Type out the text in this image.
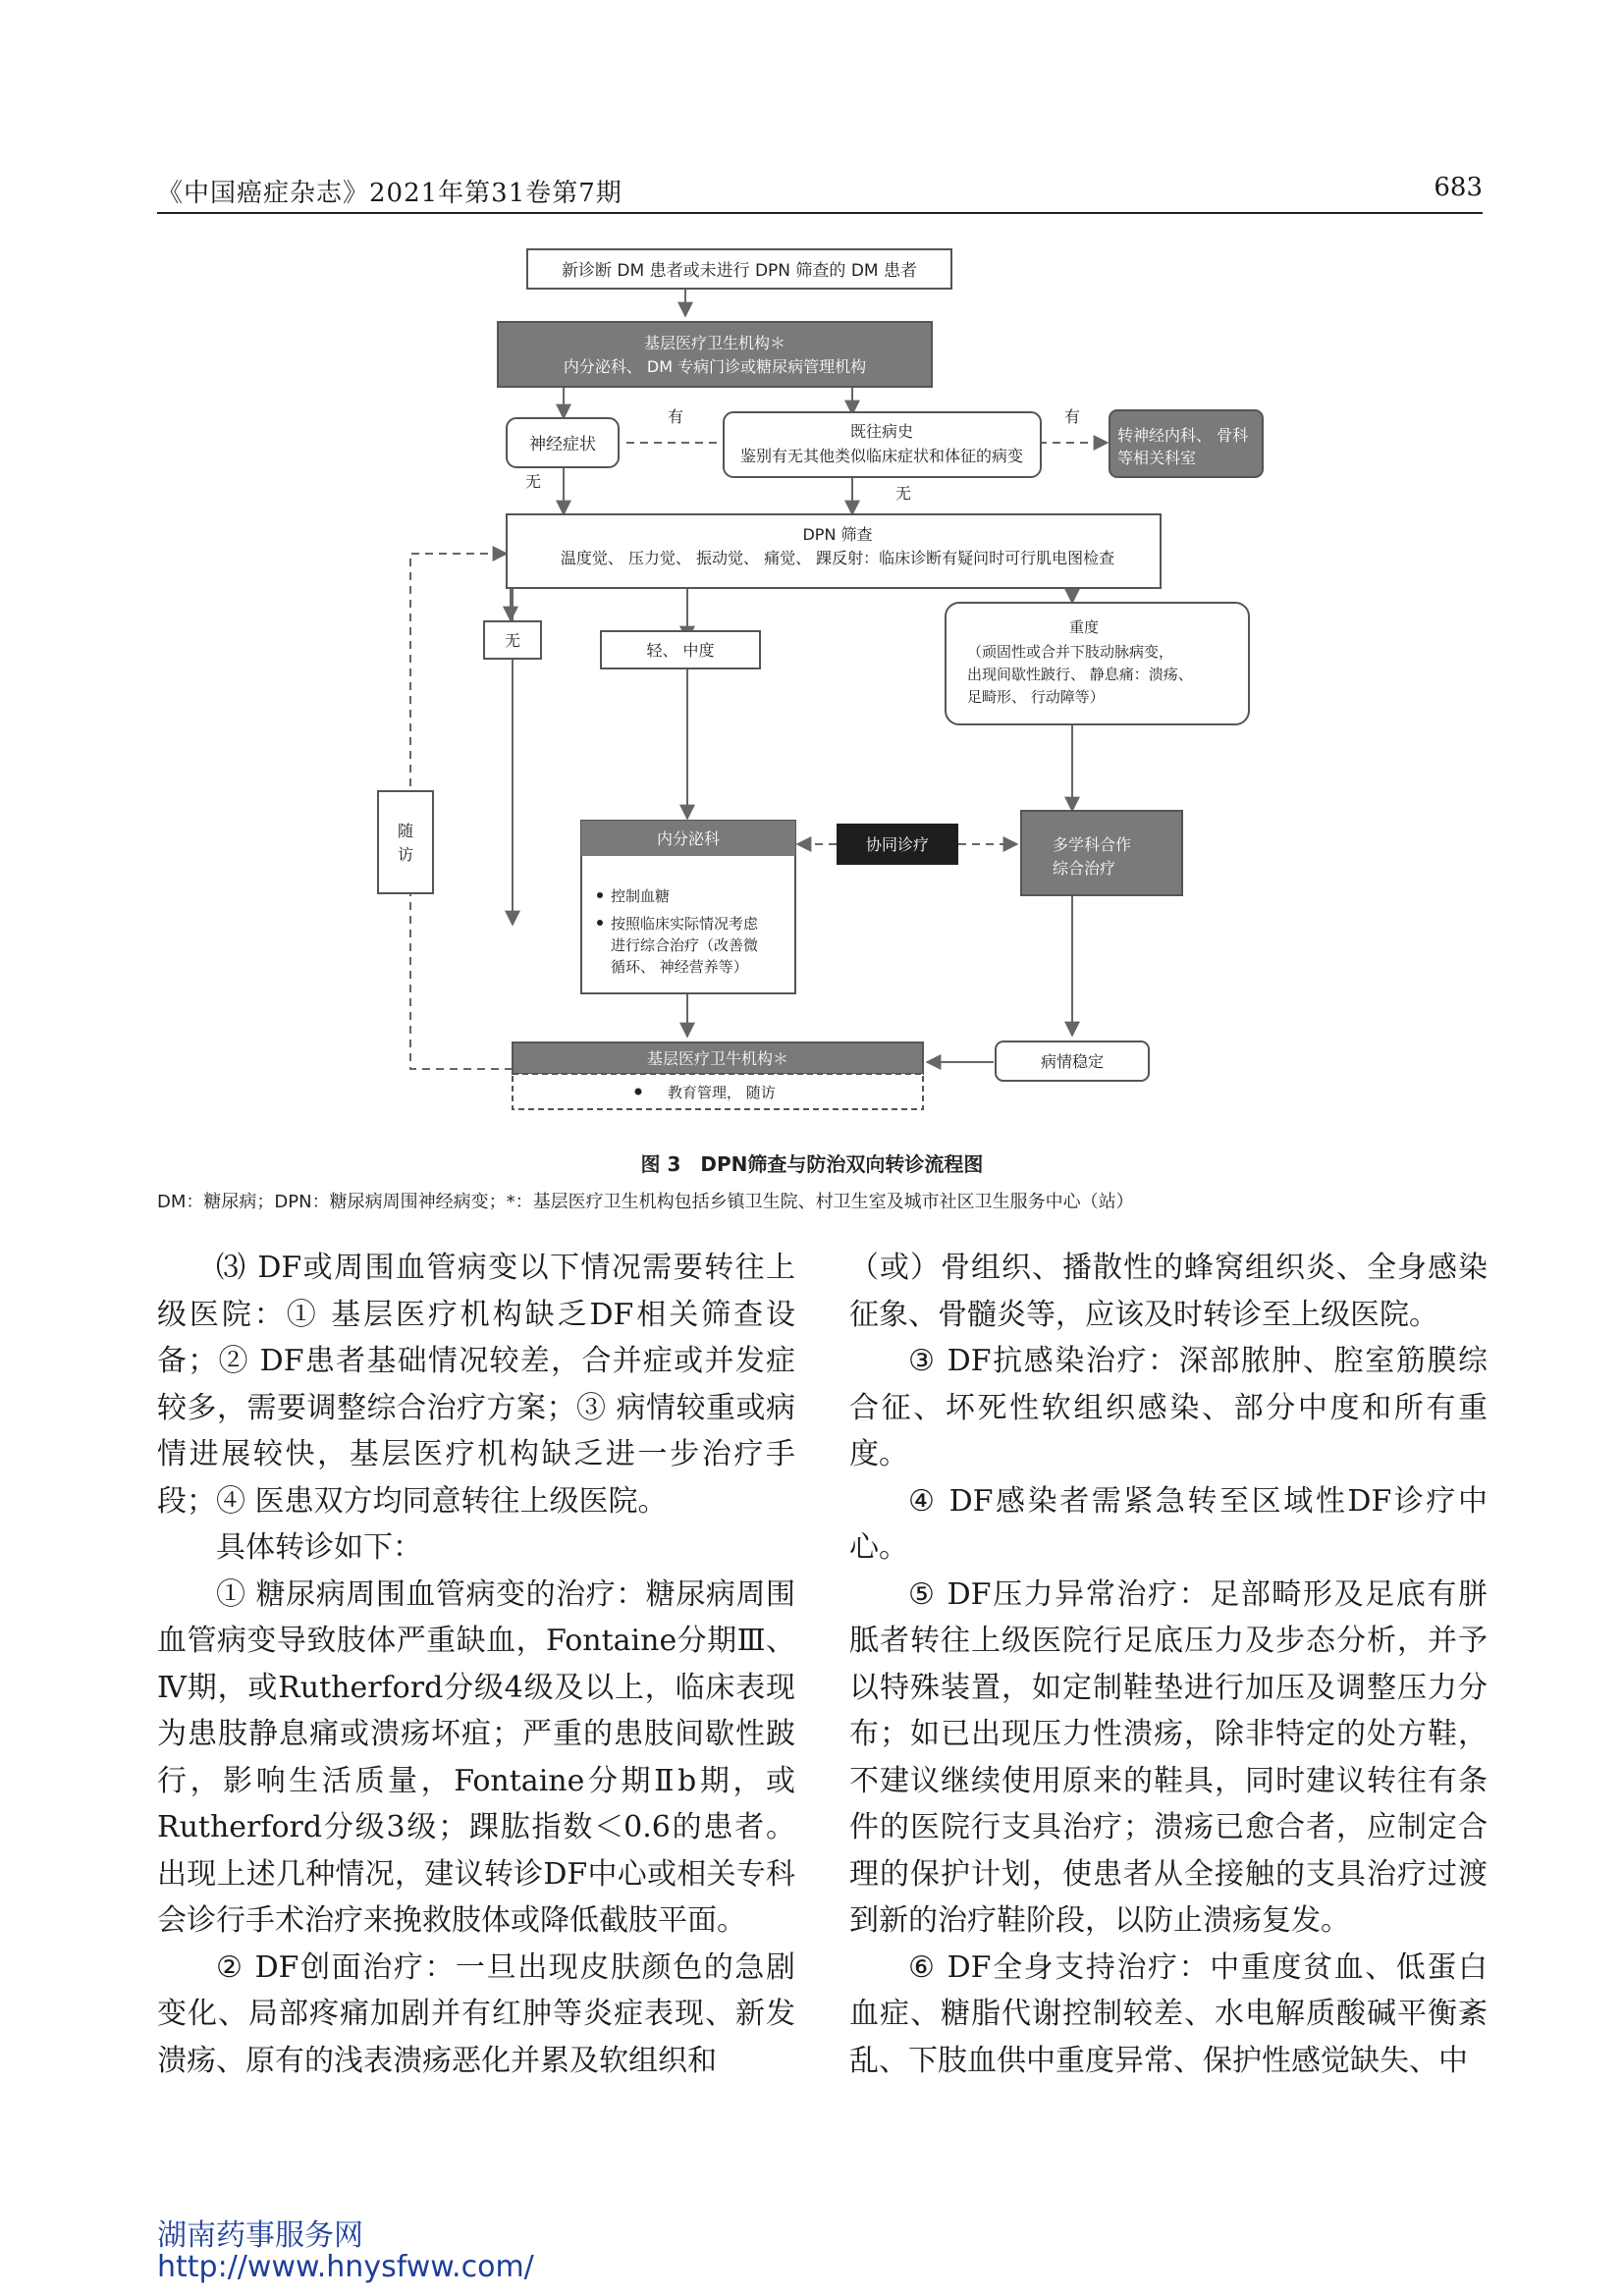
《中国癌症杂志》2021年第31卷第7期	683
新诊断 DM 患者或未进行 DPN 筛查的 DM 患者
基层医疗卫生机构＊
内分泌科、 DM 专病门诊或糖尿病管理机构
神经症状
既往病史
鉴别有无其他类似临床症状和体征的病变
转神经内科、 骨科
等相关科室
有	有
无
无
DPN 筛查
温度觉、 压力觉、 振动觉、 痛觉、 踝反射：临床诊断有疑问时可行肌电图检查
无
轻、 中度
重度
（顽固性或合并下肢动脉病变，
出现间歇性跛行、 静息痛：溃疡、
足畸形、 行动障等）
随
访
内分泌科
控制血糖
按照临床实际情况考虑
进行综合治疗（改善微
循环、 神经营养等）
协同诊疗	多学科合作
综合治疗
病情稳定
基层医疗卫牛机构＊
教育管理， 随访
图 3　DPN筛查与防治双向转诊流程图
DM：糖尿病；DPN：糖尿病周围神经病变；*：基层医疗卫生机构包括乡镇卫生院、村卫生室及城市社区卫生服务中心（站）

⑶ DF或周围血管病变以下情况需要转往上级医院：① 基层医疗机构缺乏DF相关筛查设备；② DF患者基础情况较差，合并症或并发症较多，需要调整综合治疗方案；③ 病情较重或病情进展较快，基层医疗机构缺乏进一步治疗手段；④ 医患双方均同意转往上级医院。

具体转诊如下：

① 糖尿病周围血管病变的治疗：糖尿病周围血管病变导致肢体严重缺血，Fontaine分期Ⅲ、Ⅳ期，或Rutherford分级4级及以上，临床表现为患肢静息痛或溃疡坏疽；严重的患肢间歇性跛行，影响生活质量，Fontaine分期Ⅱb期，或Rutherford分级3级；踝肱指数＜0.6的患者。出现上述几种情况，建议转诊DF中心或相关专科会诊行手术治疗来挽救肢体或降低截肢平面。

② DF创面治疗：一旦出现皮肤颜色的急剧变化、局部疼痛加剧并有红肿等炎症表现、新发溃疡、原有的浅表溃疡恶化并累及软组织和

（或）骨组织、播散性的蜂窝组织炎、全身感染征象、骨髓炎等，应该及时转诊至上级医院。

③ DF抗感染治疗：深部脓肿、腔室筋膜综合征、坏死性软组织感染、部分中度和所有重度。

④ DF感染者需紧急转至区域性DF诊疗中心。

⑤ DF压力异常治疗：足部畸形及足底有胼胝者转往上级医院行足底压力及步态分析，并予以特殊装置，如定制鞋垫进行加压及调整压力分布；如已出现压力性溃疡，除非特定的处方鞋，不建议继续使用原来的鞋具，同时建议转往有条件的医院行支具治疗；溃疡已愈合者，应制定合理的保护计划，使患者从全接触的支具治疗过渡到新的治疗鞋阶段，以防止溃疡复发。

⑥ DF全身支持治疗：中重度贫血、低蛋白血症、糖脂代谢控制较差、水电解质酸碱平衡紊乱、下肢血供中重度异常、保护性感觉缺失、中

湖南药事服务网
http://www.hnysfww.com/
